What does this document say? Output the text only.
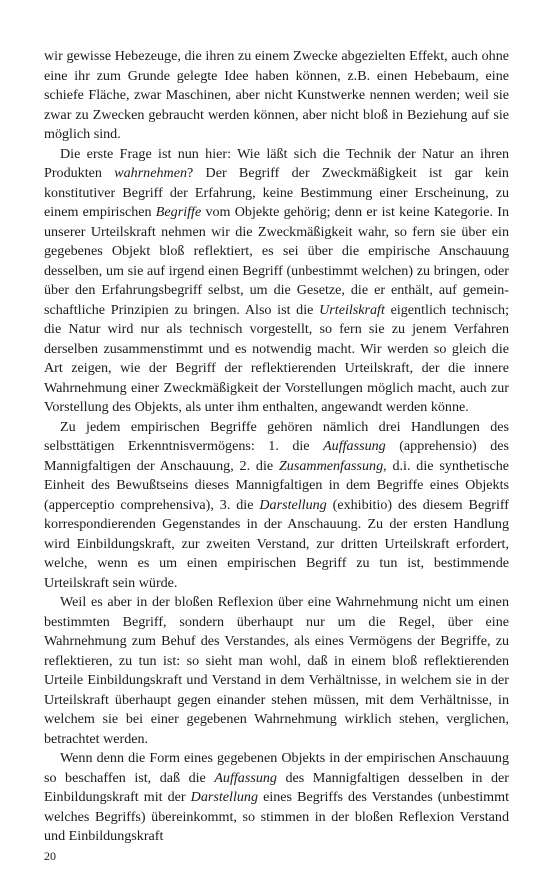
wir gewisse Hebezeuge, die ihren zu einem Zwecke abgezielten Effekt, auch ohne eine ihr zum Grunde gelegte Idee haben können, z.B. einen Hebebaum, eine schiefe Fläche, zwar Maschinen, aber nicht Kunstwerke nennen werden; weil sie zwar zu Zwecken gebraucht werden können, aber nicht bloß in Beziehung auf sie möglich sind.

Die erste Frage ist nun hier: Wie läßt sich die Technik der Natur an ihren Produkten wahrnehmen? Der Begriff der Zweckmäßigkeit ist gar kein konstitutiver Begriff der Erfahrung, keine Bestimmung einer Erscheinung, zu einem empirischen Begriffe vom Objekte gehörig; denn er ist keine Kategorie. In unserer Urteilskraft nehmen wir die Zweckmäßigkeit wahr, so fern sie über ein gegebenes Objekt bloß reflektiert, es sei über die empirische Anschauung desselben, um sie auf irgend einen Begriff (unbestimmt welchen) zu bringen, oder über den Erfahrungsbegriff selbst, um die Gesetze, die er enthält, auf gemeinschaftliche Prinzipien zu bringen. Also ist die Urteilskraft eigentlich technisch; die Natur wird nur als technisch vorgestellt, so fern sie zu jenem Verfahren derselben zusammenstimmt und es notwendig macht. Wir werden so gleich die Art zeigen, wie der Begriff der reflektierenden Urteilskraft, der die innere Wahrnehmung einer Zweckmäßigkeit der Vorstellungen möglich macht, auch zur Vorstellung des Objekts, als unter ihm enthalten, angewandt werden könne.

Zu jedem empirischen Begriffe gehören nämlich drei Handlungen des selbsttätigen Erkenntnisvermögens: 1. die Auffassung (apprehensio) des Mannigfaltigen der Anschauung, 2. die Zusammenfassung, d.i. die synthetische Einheit des Bewußtseins dieses Mannigfaltigen in dem Begriffe eines Objekts (apperceptio comprehensiva), 3. die Darstellung (exhibitio) des diesem Begriff korrespondierenden Gegenstandes in der Anschauung. Zu der ersten Handlung wird Einbildungskraft, zur zweiten Verstand, zur dritten Urteilskraft erfordert, welche, wenn es um einen empirischen Begriff zu tun ist, bestimmende Urteilskraft sein würde.

Weil es aber in der bloßen Reflexion über eine Wahrnehmung nicht um einen bestimmten Begriff, sondern überhaupt nur um die Regel, über eine Wahrnehmung zum Behuf des Verstandes, als eines Vermögens der Begriffe, zu reflektieren, zu tun ist: so sieht man wohl, daß in einem bloß reflektierenden Urteile Einbildungskraft und Verstand in dem Verhältnisse, in welchem sie in der Urteilskraft überhaupt gegen einander stehen müssen, mit dem Verhältnisse, in welchem sie bei einer gegebenen Wahrnehmung wirklich stehen, verglichen, betrachtet werden.

Wenn denn die Form eines gegebenen Objekts in der empirischen Anschauung so beschaffen ist, daß die Auffassung des Mannigfaltigen desselben in der Einbildungskraft mit der Darstellung eines Begriffs des Verstandes (unbestimmt welches Begriffs) übereinkommt, so stimmen in der bloßen Reflexion Verstand und Einbildungskraft

20
